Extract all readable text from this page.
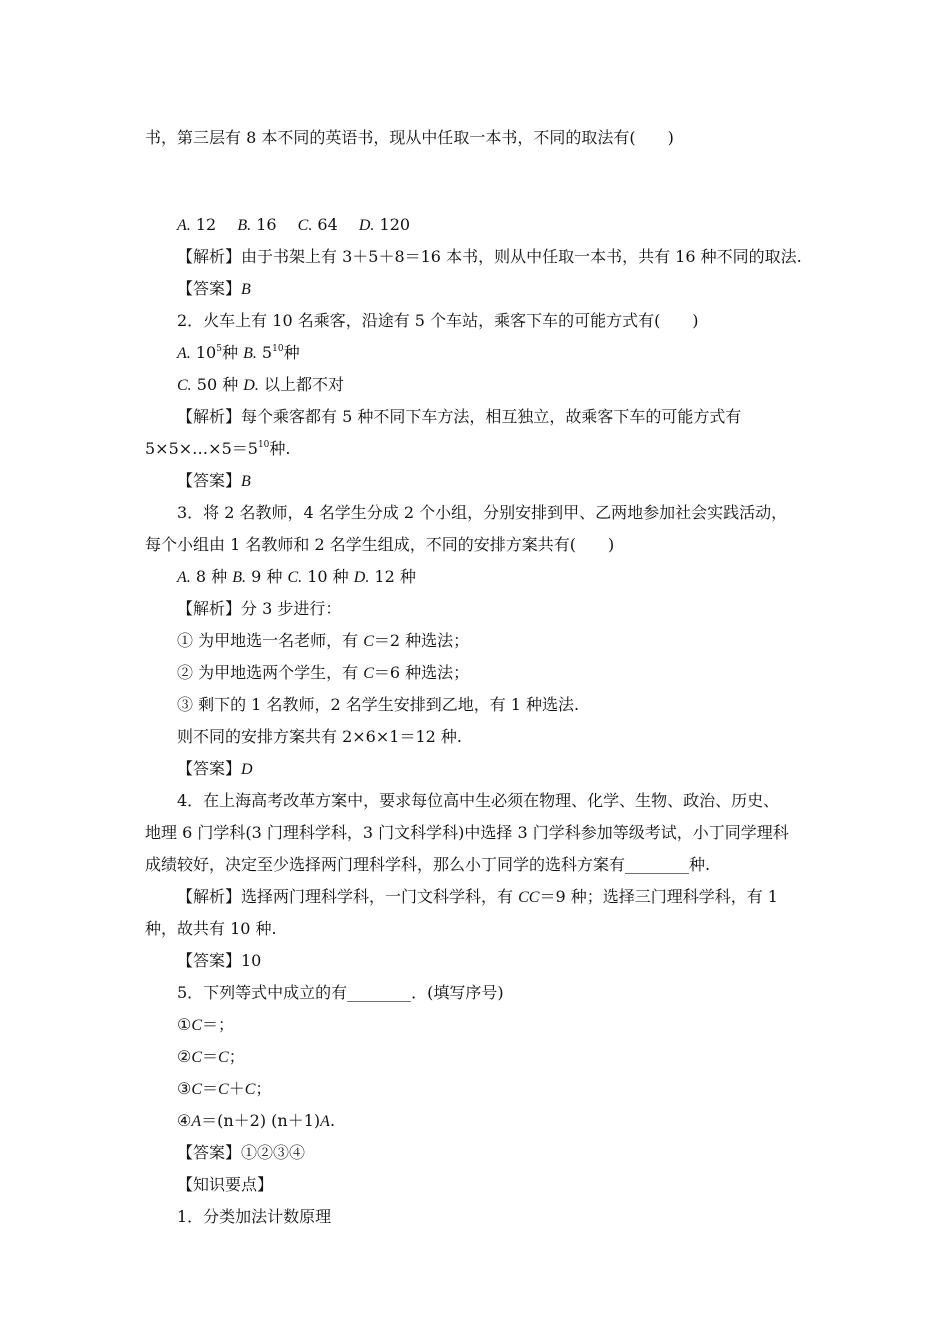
书，第三层有 8 本不同的英语书，现从中任取一本书，不同的取法有(　　)
A. 12　 B. 16　 C. 64　 D. 120
【解析】由于书架上有 3＋5＋8＝16 本书，则从中任取一本书，共有 16 种不同的取法.
【答案】B
2．火车上有 10 名乘客，沿途有 5 个车站，乘客下车的可能方式有(　　)
A. $10^5$种 B. $5^{10}$种
C. 50 种 D. 以上都不对
【解析】每个乘客都有 5 种不同下车方法，相互独立，故乘客下车的可能方式有
$5\times 5\times\dots\times 5=5^{10}$种.
【答案】B
3．将 2 名教师，4 名学生分成 2 个小组，分别安排到甲、乙两地参加社会实践活动，
每个小组由 1 名教师和 2 名学生组成，不同的安排方案共有(　　)
A. 8 种 B. 9 种 C. 10 种 D. 12 种
【解析】分 3 步进行：
① 为甲地选一名老师，有 C＝2 种选法；
② 为甲地选两个学生，有 C＝6 种选法；
③ 剩下的 1 名教师，2 名学生安排到乙地，有 1 种选法.
则不同的安排方案共有 2×6×1＝12 种.
【答案】D
4．在上海高考改革方案中，要求每位高中生必须在物理、化学、生物、政治、历史、
地理 6 门学科(3 门理科学科，3 门文科学科)中选择 3 门学科参加等级考试，小丁同学理科
成绩较好，决定至少选择两门理科学科，那么小丁同学的选科方案有________种.
【解析】选择两门理科学科，一门文科学科，有 CC＝9 种；选择三门理科学科，有 1
种，故共有 10 种.
【答案】10
5．下列等式中成立的有________．(填写序号)
①C＝；
②C＝C；
③C＝C＋C；
④A＝(n＋2) (n＋1)A.
【答案】①②③④
【知识要点】
1．分类加法计数原理
